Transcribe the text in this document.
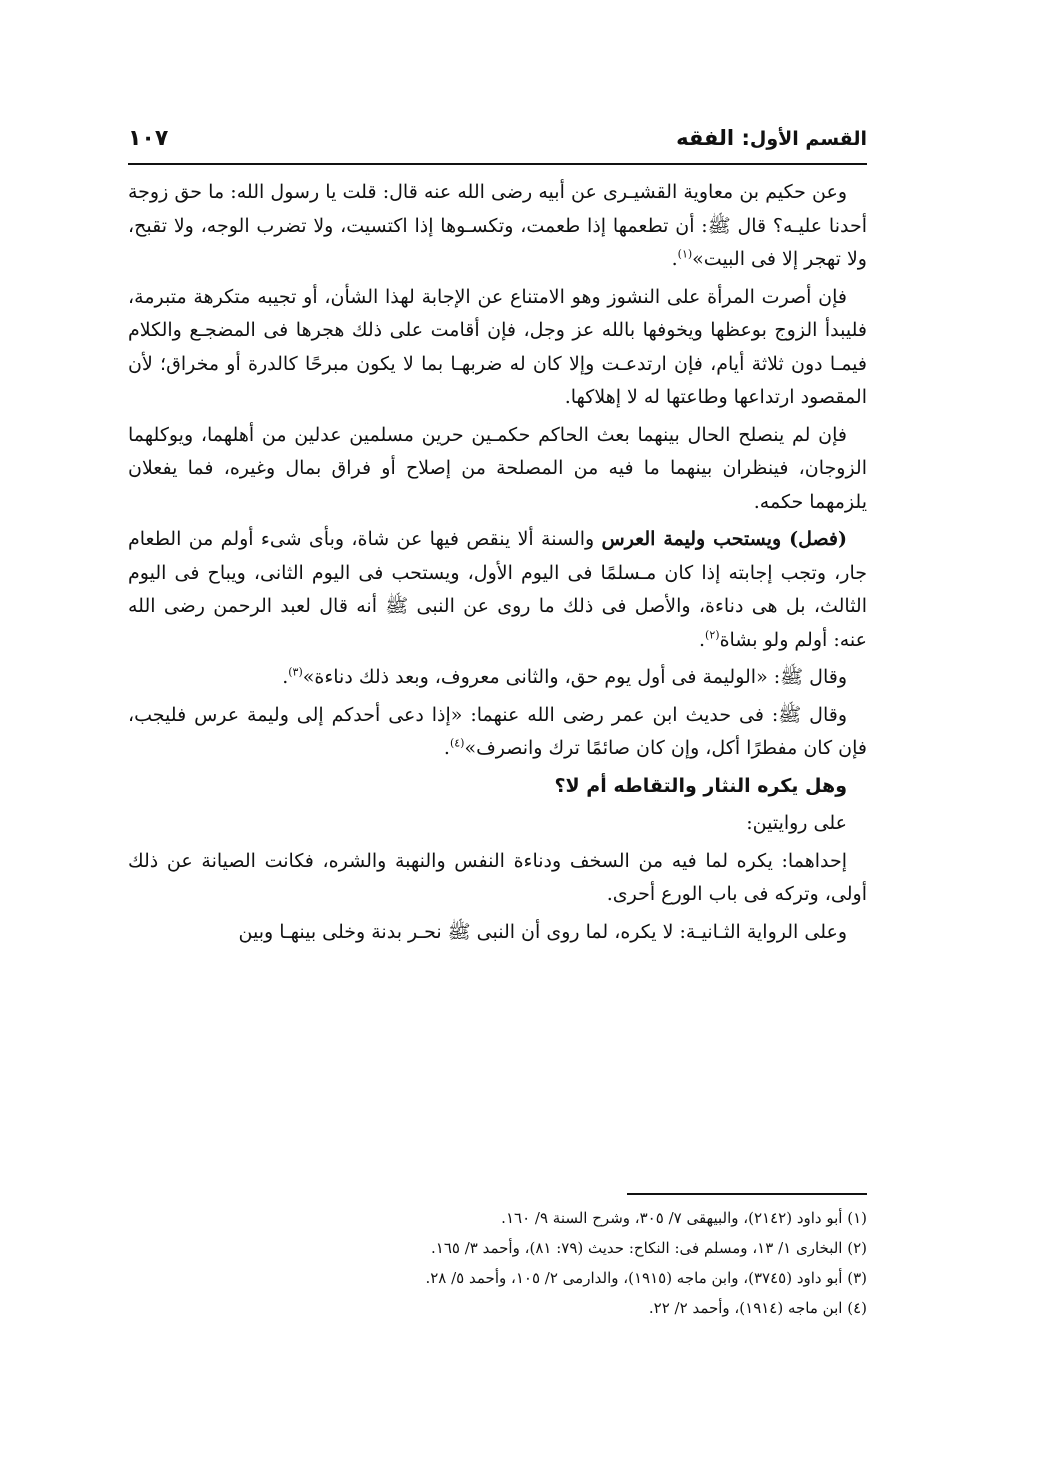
القسم الأول: الفقه
١٠٧

وعن حكيم بن معاوية القشيـرى عن أبيه رضى الله عنه قال: قلت يا رسول الله: ما حق زوجة أحدنا عليـه؟ قال ﷺ: أن تطعمها إذا طعمت، وتكسـوها إذا اكتسيت، ولا تضرب الوجه، ولا تقبح، ولا تهجر إلا فى البيت»$^{(١)}$.

فإن أصرت المرأة على النشوز وهو الامتناع عن الإجابة لهذا الشأن، أو تجيبه متكرهة متبرمة، فليبدأ الزوج بوعظها ويخوفها بالله عز وجل، فإن أقامت على ذلك هجرها فى المضجـع والكلام فيمـا دون ثلاثة أيام، فإن ارتدعـت وإلا كان له ضربهـا بما لا يكون مبرحًا كالدرة أو مخراق؛ لأن المقصود ارتداعها وطاعتها له لا إهلاكها.

فإن لم ينصلح الحال بينهما بعث الحاكم حكمـين حرين مسلمين عدلين من أهلهما، ويوكلهما الزوجان، فينظران بينهما ما فيه من المصلحة من إصلاح أو فراق بمال وغيره، فما يفعلان يلزمهما حكمه.

(فصل) ويستحب وليمة العرس والسنة ألا ينقص فيها عن شاة، وبأى شىء أولم من الطعام جار، وتجب إجابته إذا كان مـسلمًا فى اليوم الأول، ويستحب فى اليوم الثانى، ويباح فى اليوم الثالث، بل هى دناءة، والأصل فى ذلك ما روى عن النبى ﷺ أنه قال لعبد الرحمن رضى الله عنه: أولم ولو بشاة$^{(٢)}$.

وقال ﷺ: «الوليمة فى أول يوم حق، والثانى معروف، وبعد ذلك دناءة»$^{(٣)}$.

وقال ﷺ: فى حديث ابن عمر رضى الله عنهما: «إذا دعى أحدكم إلى وليمة عرس فليجب، فإن كان مفطرًا أكل، وإن كان صائمًا ترك وانصرف»$^{(٤)}$.

وهل يكره النثار والتقاطه أم لا؟

على روايتين:

إحداهما: يكره لما فيه من السخف ودناءة النفس والنهبة والشره، فكانت الصيانة عن ذلك أولى، وتركه فى باب الورع أحرى.

وعلى الرواية الثـانيـة: لا يكره، لما روى أن النبى ﷺ نحـر بدنة وخلى بينهـا وبين

(١) أبو داود (٢١٤٢)، والبيهقى ٧/ ٣٠٥، وشرح السنة ٩/ ١٦٠.

(٢) البخارى ١/ ١٣، ومسلم فى: النكاح: حديث (٧٩: ٨١)، وأحمد ٣/ ١٦٥.

(٣) أبو داود (٣٧٤٥)، وابن ماجه (١٩١٥)، والدارمى ٢/ ١٠٥، وأحمد ٥/ ٢٨.

(٤) ابن ماجه (١٩١٤)، وأحمد ٢/ ٢٢.
